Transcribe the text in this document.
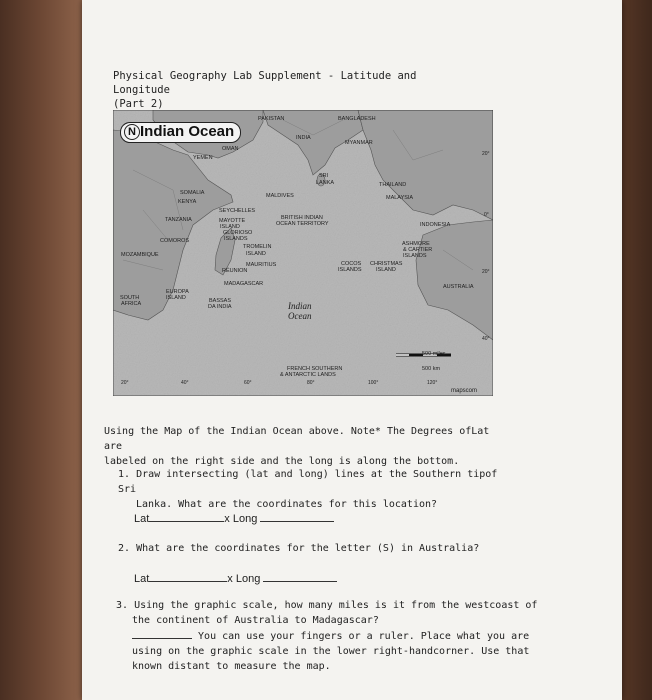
Physical Geography Lab Supplement - Latitude and Longitude
(Part 2)
N Indian Ocean
PAKISTAN
INDIA
BANGLADESH
MYANMAR
OMAN
YEMEN
SRI
LANKA	THAILAND
MALAYSIA
SOMALIA	MALDIVES
KENYA
TANZANIA
SEYCHELLES
MAYOTTE
ISLAND
GLORIOSO
ISLANDS
BRITISH INDIAN
OCEAN TERRITORY	INDONESIA
COMOROS
MOZAMBIQUE
TROMELIN
ISLAND
MAURITIUS
RÉUNION
COCOS
ISLANDS
CHRISTMAS
ISLAND
ASHMORE
& CARTIER
ISLANDS
MADAGASCAR	AUSTRALIA
SOUTH
AFRICA
EUROPA
ISLAND	BASSAS
DA INDIA
FRENCH SOUTHERN
& ANTARCTIC LANDS
500 miles
500 km
mapscom
Indian
Ocean
20°	40°	60°	80°	100°	120°
20°
0°
20°
40°
Using the Map of the Indian Ocean above. Note* The Degrees ofLat are
labeled on the right side and the long is along the bottom.
1. Draw intersecting (lat and long) lines at the Southern tipof Sri
Lanka. What are the coordinates for this location?
Lat	x Long
2. What are the coordinates for the letter (S) in Australia?
Lat	x Long
3. Using the graphic scale, how many miles is it from the westcoast of
the continent of Australia to Madagascar?
You can use your fingers or a ruler. Place what you are
using on the graphic scale in the lower right-handcorner. Use that
known distant to measure the map.
